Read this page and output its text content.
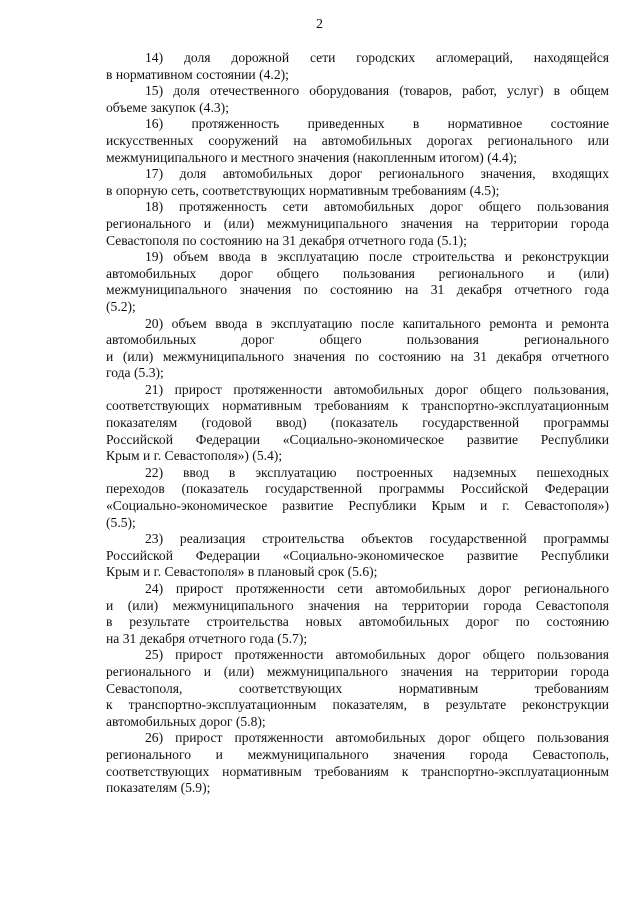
2
14) доля дорожной сети городских агломераций, находящейся
в нормативном состоянии (4.2);
15) доля отечественного оборудования (товаров, работ, услуг) в общем
объеме закупок (4.3);
16) протяженность приведенных в нормативное состояние
искусственных сооружений на автомобильных дорогах регионального или
межмуниципального и местного значения (накопленным итогом) (4.4);
17) доля автомобильных дорог регионального значения, входящих
в опорную сеть, соответствующих нормативным требованиям (4.5);
18) протяженность сети автомобильных дорог общего пользования
регионального и (или) межмуниципального значения на территории города
Севастополя по состоянию на 31 декабря отчетного года (5.1);
19) объем ввода в эксплуатацию после строительства и реконструкции
автомобильных дорог общего пользования регионального и (или)
межмуниципального значения по состоянию на 31 декабря отчетного года
(5.2);
20) объем ввода в эксплуатацию после капитального ремонта и ремонта
автомобильных дорог общего пользования регионального
и (или) межмуниципального значения по состоянию на 31 декабря отчетного
года (5.3);
21) прирост протяженности автомобильных дорог общего пользования,
соответствующих нормативным требованиям к транспортно-эксплуатационным
показателям (годовой ввод) (показатель государственной программы
Российской Федерации «Социально-экономическое развитие Республики
Крым и г. Севастополя») (5.4);
22) ввод в эксплуатацию построенных надземных пешеходных
переходов (показатель государственной программы Российской Федерации
«Социально-экономическое развитие Республики Крым и г. Севастополя»)
(5.5);
23) реализация строительства объектов государственной программы
Российской Федерации «Социально-экономическое развитие Республики
Крым и г. Севастополя» в плановый срок (5.6);
24) прирост протяженности сети автомобильных дорог регионального
и (или) межмуниципального значения на территории города Севастополя
в результате строительства новых автомобильных дорог по состоянию
на 31 декабря отчетного года (5.7);
25) прирост протяженности автомобильных дорог общего пользования
регионального и (или) межмуниципального значения на территории города
Севастополя, соответствующих нормативным требованиям
к транспортно-эксплуатационным показателям, в результате реконструкции
автомобильных дорог (5.8);
26) прирост протяженности автомобильных дорог общего пользования
регионального и межмуниципального значения города Севастополь,
соответствующих нормативным требованиям к транспортно-эксплуатационным
показателям (5.9);
